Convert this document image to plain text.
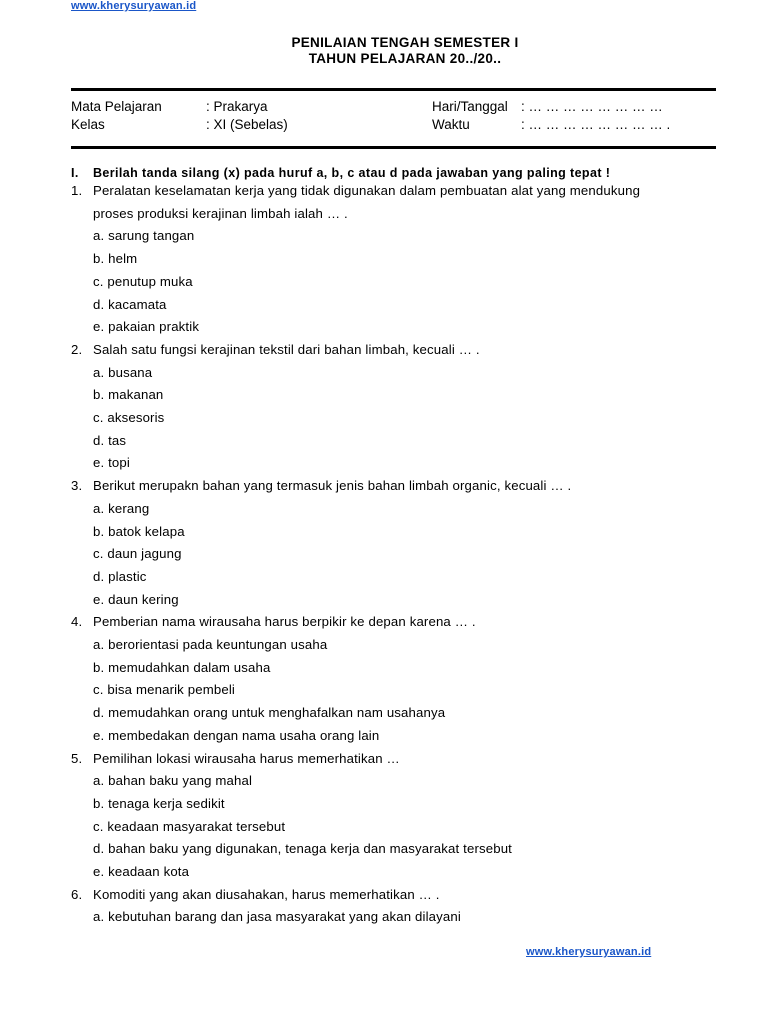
www.kherysuryawan.id
PENILAIAN TENGAH SEMESTER I
TAHUN PELAJARAN 20../20..
Mata Pelajaran	: Prakarya	Hari/Tanggal : … … … … … … … …
Kelas	: XI (Sebelas)	Waktu	: … … … … … … … … .
I. Berilah tanda silang (x) pada huruf a, b, c atau d pada jawaban yang paling tepat !
1. Peralatan keselamatan kerja yang tidak digunakan dalam pembuatan alat yang mendukung
proses produksi kerajinan limbah ialah … .
a. sarung tangan
b. helm
c. penutup muka
d. kacamata
e. pakaian praktik
2. Salah satu fungsi kerajinan tekstil dari bahan limbah, kecuali … .
a. busana
b. makanan
c. aksesoris
d. tas
e. topi
3. Berikut merupakn bahan yang termasuk jenis bahan limbah organic, kecuali … .
a. kerang
b. batok kelapa
c. daun jagung
d. plastic
e. daun kering
4. Pemberian nama wirausaha harus berpikir ke depan karena … .
a. berorientasi pada keuntungan usaha
b. memudahkan dalam usaha
c. bisa menarik pembeli
d. memudahkan orang untuk menghafalkan nam usahanya
e. membedakan dengan nama usaha orang lain
5. Pemilihan lokasi wirausaha harus memerhatikan …
a. bahan baku yang mahal
b. tenaga kerja sedikit
c. keadaan masyarakat tersebut
d. bahan baku yang digunakan, tenaga kerja dan masyarakat tersebut
e. keadaan kota
6. Komoditi yang akan diusahakan, harus memerhatikan … .
a. kebutuhan barang dan jasa masyarakat yang akan dilayani
www.kherysuryawan.id
